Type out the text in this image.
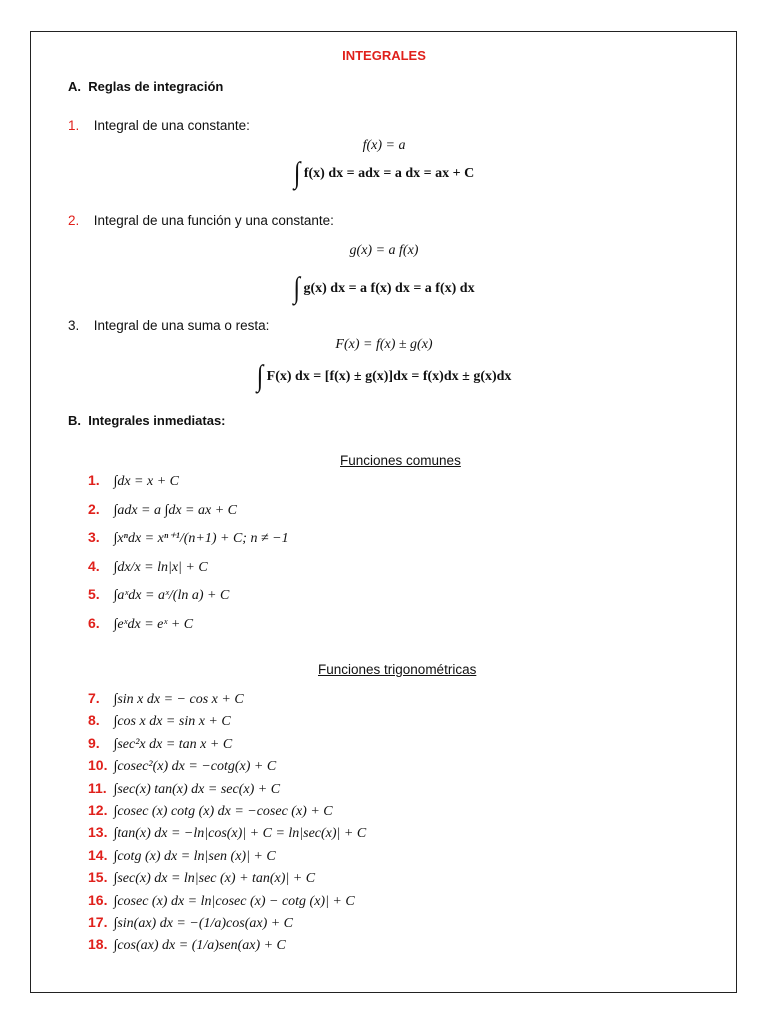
INTEGRALES
A. Reglas de integración
1. Integral de una constante:
f(x) = a
∫ f(x) dx = adx = a dx = ax + C
2. Integral de una función y una constante:
g(x) = a f(x)
∫ g(x) dx = a f(x) dx = a f(x) dx
3. Integral de una suma o resta:
F(x) = f(x) ± g(x)
∫ F(x) dx = [f(x) ± g(x)]dx = f(x)dx ± g(x)dx
B. Integrales inmediatas:
Funciones comunes
1. ∫dx = x + C
2. ∫adx = a ∫dx = ax + C
3. ∫xⁿdx = xⁿ⁺¹/(n+1) + C; n ≠ −1
4. ∫dx/x = ln|x| + C
5. ∫aˣdx = aˣ/(ln a) + C
6. ∫eˣdx = eˣ + C
Funciones trigonométricas
7. ∫sin x dx = − cos x + C
8. ∫cos x dx = sin x + C
9. ∫sec²x dx = tan x + C
10. ∫cosec²(x) dx = −cotg(x) + C
11. ∫sec(x) tan(x) dx = sec(x) + C
12. ∫cosec (x) cotg (x) dx = −cosec (x) + C
13. ∫tan(x) dx = −ln|cos(x)| + C = ln|sec(x)| + C
14. ∫cotg (x) dx = ln|sen (x)| + C
15. ∫sec(x) dx = ln|sec (x) + tan(x)| + C
16. ∫cosec (x) dx = ln|cosec (x) − cotg (x)| + C
17. ∫sin(ax) dx = −(1/a)cos(ax) + C
18. ∫cos(ax) dx = (1/a)sen(ax) + C
